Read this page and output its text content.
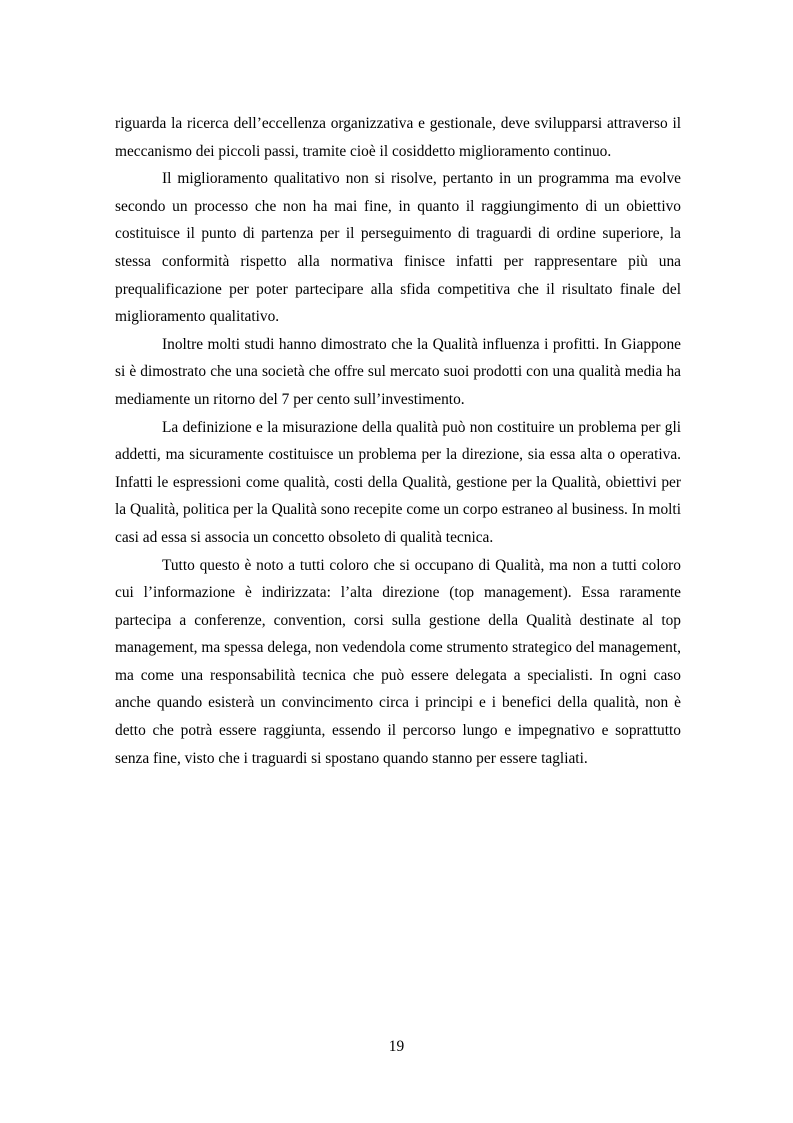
riguarda la ricerca dell’eccellenza organizzativa e gestionale, deve svilupparsi attraverso il meccanismo dei piccoli passi, tramite cioè il cosiddetto miglioramento continuo.

Il miglioramento qualitativo non si risolve, pertanto in un programma ma evolve secondo un processo che non ha mai fine, in quanto il raggiungimento di un obiettivo costituisce il punto di partenza per il perseguimento di traguardi di ordine superiore, la stessa conformità rispetto alla normativa finisce infatti per rappresentare più una prequalificazione per poter partecipare alla sfida competitiva che il risultato finale del miglioramento qualitativo.

Inoltre molti studi hanno dimostrato che la Qualità influenza i profitti. In Giappone si è dimostrato che una società che offre sul mercato suoi prodotti con una qualità media ha mediamente un ritorno del 7 per cento sull’investimento.

La definizione e la misurazione della qualità può non costituire un problema per gli addetti, ma sicuramente costituisce un problema per la direzione, sia essa alta o operativa. Infatti le espressioni come qualità, costi della Qualità, gestione per la Qualità, obiettivi per la Qualità, politica per la Qualità sono recepite come un corpo estraneo al business. In molti casi ad essa si associa un concetto obsoleto di qualità tecnica.

Tutto questo è noto a tutti coloro che si occupano di Qualità, ma non a tutti coloro cui l’informazione è indirizzata: l’alta direzione (top management). Essa raramente partecipa a conferenze, convention, corsi sulla gestione della Qualità destinate al top management, ma spessa delega, non vedendola come strumento strategico del management, ma come una responsabilità tecnica che può essere delegata a specialisti. In ogni caso anche quando esisterà un convincimento circa i principi e i benefici della qualità, non è detto che potrà essere raggiunta, essendo il percorso lungo e impegnativo e soprattutto senza fine, visto che i traguardi si spostano quando stanno per essere tagliati.

19
